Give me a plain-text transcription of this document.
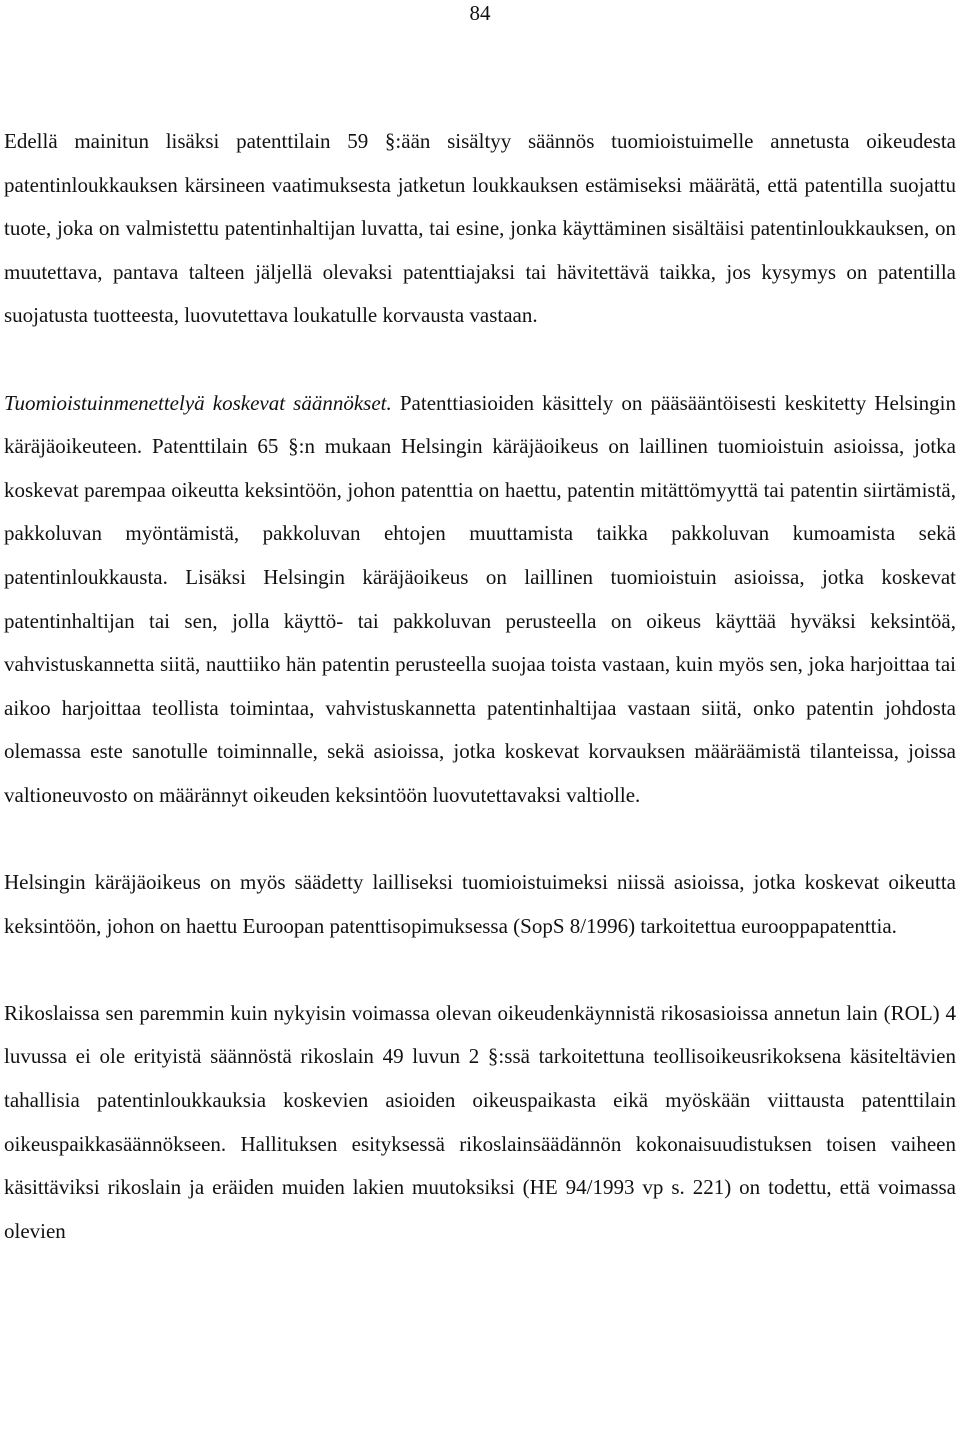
84

Edellä mainitun lisäksi patenttilain 59 §:ään sisältyy säännös tuomioistuimelle annetusta oikeudesta patentinloukkauksen kärsineen vaatimuksesta jatketun loukkauksen estämiseksi määrätä, että patentilla suojattu tuote, joka on valmistettu patentinhaltijan luvatta, tai esine, jonka käyttäminen sisältäisi patentinloukkauksen, on muutettava, pantava talteen jäljellä olevaksi patenttiajaksi tai hävitettävä taikka, jos kysymys on patentilla suojatusta tuotteesta, luovutettava loukatulle korvausta vastaan.

Tuomioistuinmenettelyä koskevat säännökset. Patenttiasioiden käsittely on pääsääntöisesti keskitetty Helsingin käräjäoikeuteen. Patenttilain 65 §:n mukaan Helsingin käräjäoikeus on laillinen tuomioistuin asioissa, jotka koskevat parempaa oikeutta keksintöön, johon patenttia on haettu, patentin mitättömyyttä tai patentin siirtämistä, pakkoluvan myöntämistä, pakkoluvan ehtojen muuttamista taikka pakkoluvan kumoamista sekä patentinloukkausta. Lisäksi Helsingin käräjäoikeus on laillinen tuomioistuin asioissa, jotka koskevat patentinhaltijan tai sen, jolla käyttö- tai pakkoluvan perusteella on oikeus käyttää hyväksi keksintöä, vahvistuskannetta siitä, nauttiiko hän patentin perusteella suojaa toista vastaan, kuin myös sen, joka harjoittaa tai aikoo harjoittaa teollista toimintaa, vahvistuskannetta patentinhaltijaa vastaan siitä, onko patentin johdosta olemassa este sanotulle toiminnalle, sekä asioissa, jotka koskevat korvauksen määräämistä tilanteissa, joissa valtioneuvosto on määrännyt oikeuden keksintöön luovutettavaksi valtiolle.

Helsingin käräjäoikeus on myös säädetty lailliseksi tuomioistuimeksi niissä asioissa, jotka koskevat oikeutta keksintöön, johon on haettu Euroopan patenttisopimuksessa (SopS 8/1996) tarkoitettua eurooppapatenttia.

Rikoslaissa sen paremmin kuin nykyisin voimassa olevan oikeudenkäynnistä rikosasioissa annetun lain (ROL) 4 luvussa ei ole erityistä säännöstä rikoslain 49 luvun 2 §:ssä tarkoitettuna teollisoikeusrikoksena käsiteltävien tahallisia patentinloukkauksia koskevien asioiden oikeuspaikasta eikä myöskään viittausta patenttilain oikeuspaikkasäännökseen. Hallituksen esityksessä rikoslainsäädännön kokonaisuudistuksen toisen vaiheen käsittäviksi rikoslain ja eräiden muiden lakien muutoksiksi (HE 94/1993 vp s. 221) on todettu, että voimassa olevien
